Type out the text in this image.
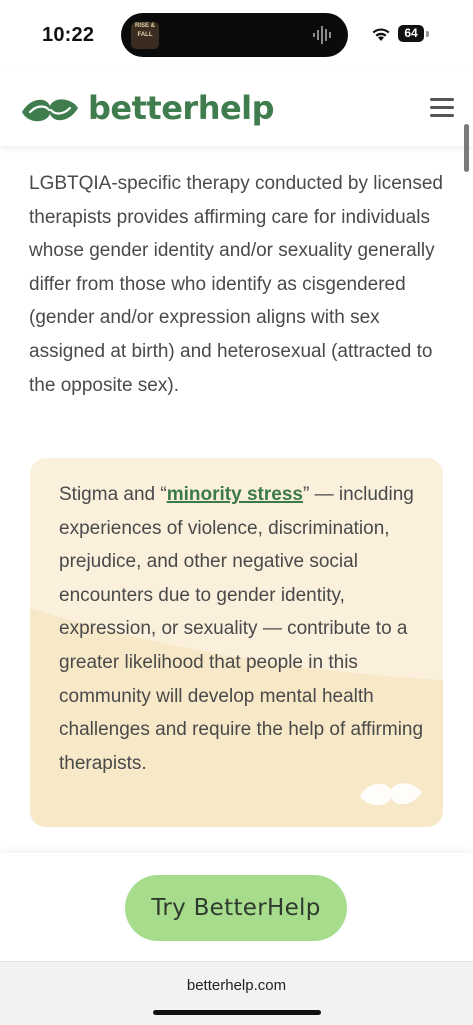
10:22	RISE & FALL	64
betterhelp

LGBTQIA-specific therapy conducted by licensed therapists provides affirming care for individuals whose gender identity and/or sexuality generally differ from those who identify as cisgendered (gender and/or expression aligns with sex assigned at birth) and heterosexual (attracted to the opposite sex).

Stigma and “minority stress” — including experiences of violence, discrimination, prejudice, and other negative social encounters due to gender identity, expression, or sexuality — contribute to a greater likelihood that people in this community will develop mental health challenges and require the help of affirming therapists.

Try BetterHelp
betterhelp.com
